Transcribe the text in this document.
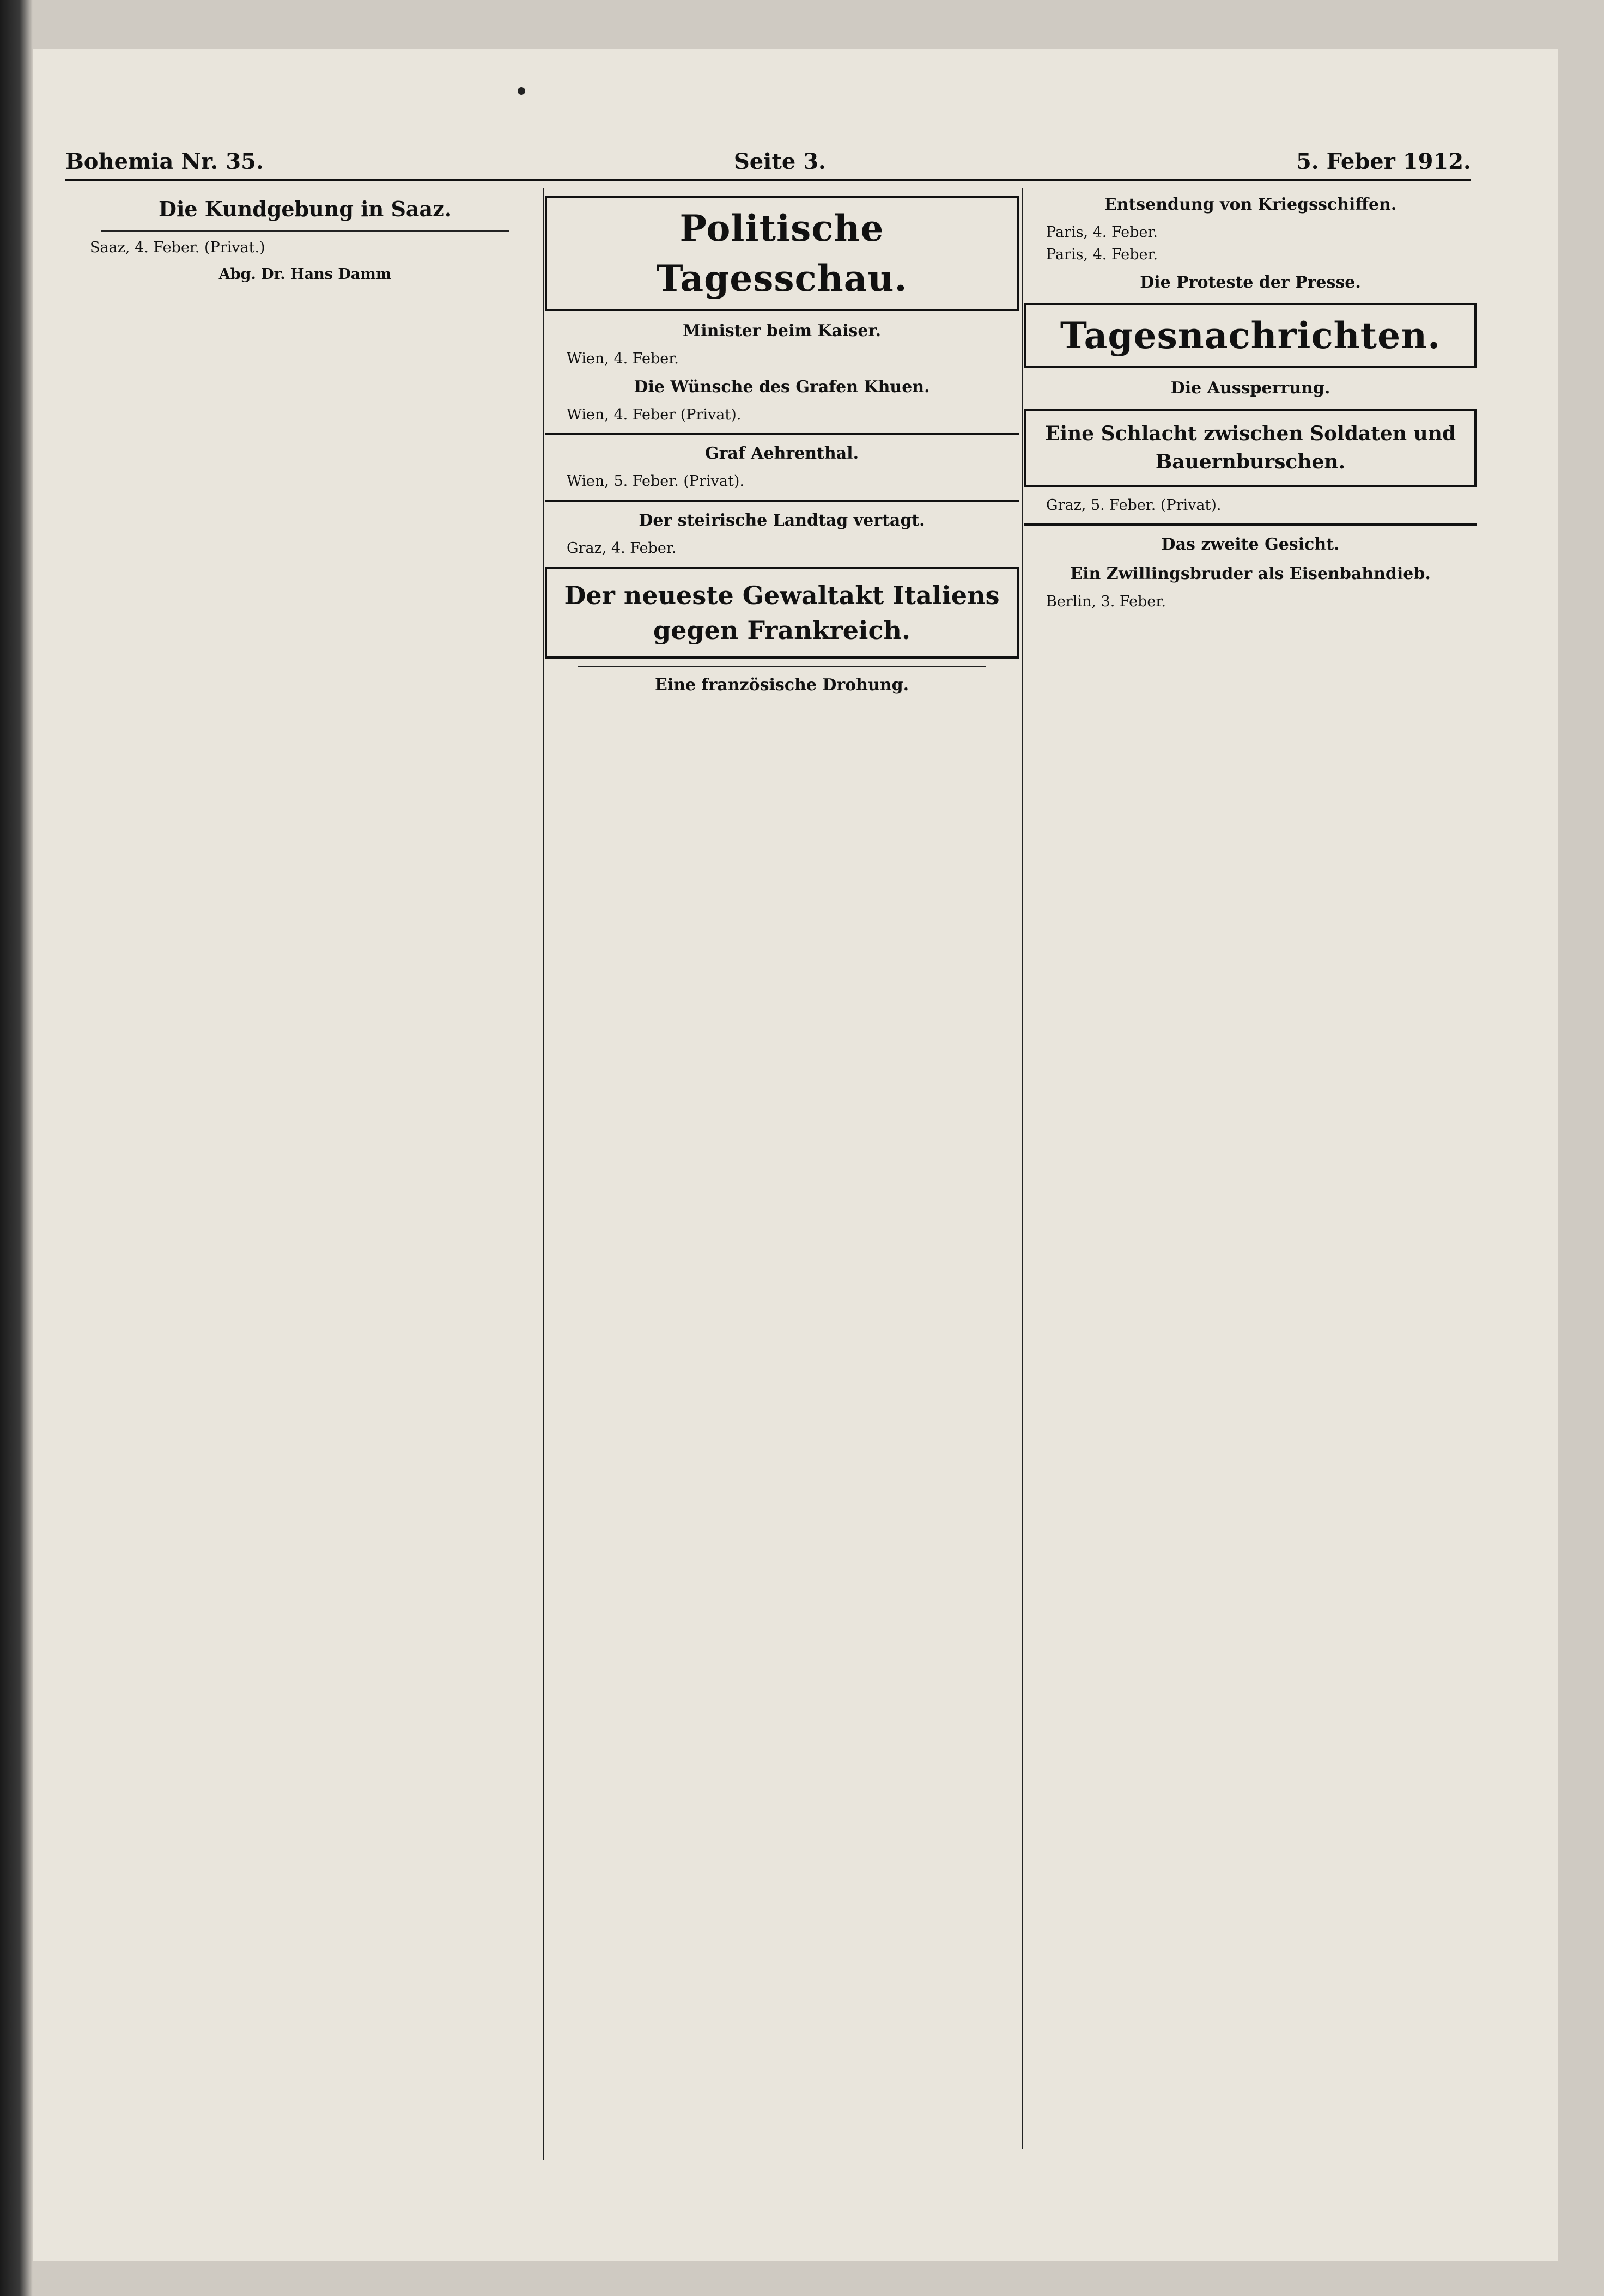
Bohemia Nr. 35.	Seite 3.	5. Feber 1912.
Die Kundgebung in Saaz.

Saaz, 4. Feber. (Privat.)

Abg. Dr. Hans Damm

Politische Tagesschau.
Minister beim Kaiser.

Wien, 4. Feber.

Die Wünsche des Grafen Khuen.

Wien, 4. Feber (Privat).

Graf Aehrenthal.

Wien, 5. Feber. (Privat).

Der steirische Landtag vertagt.

Graz, 4. Feber.

Der neueste Gewaltakt Italiens gegen Frankreich.
Eine französische Drohung.
Entsendung von Kriegsschiffen.

Paris, 4. Feber.

Paris, 4. Feber.

Die Proteste der Presse.
Tagesnachrichten.
Die Aussperrung.
Eine Schlacht zwischen Soldaten und Bauernburschen.

Graz, 5. Feber. (Privat).

Das zweite Gesicht.
Ein Zwillingsbruder als Eisenbahndieb.

Berlin, 3. Feber.
